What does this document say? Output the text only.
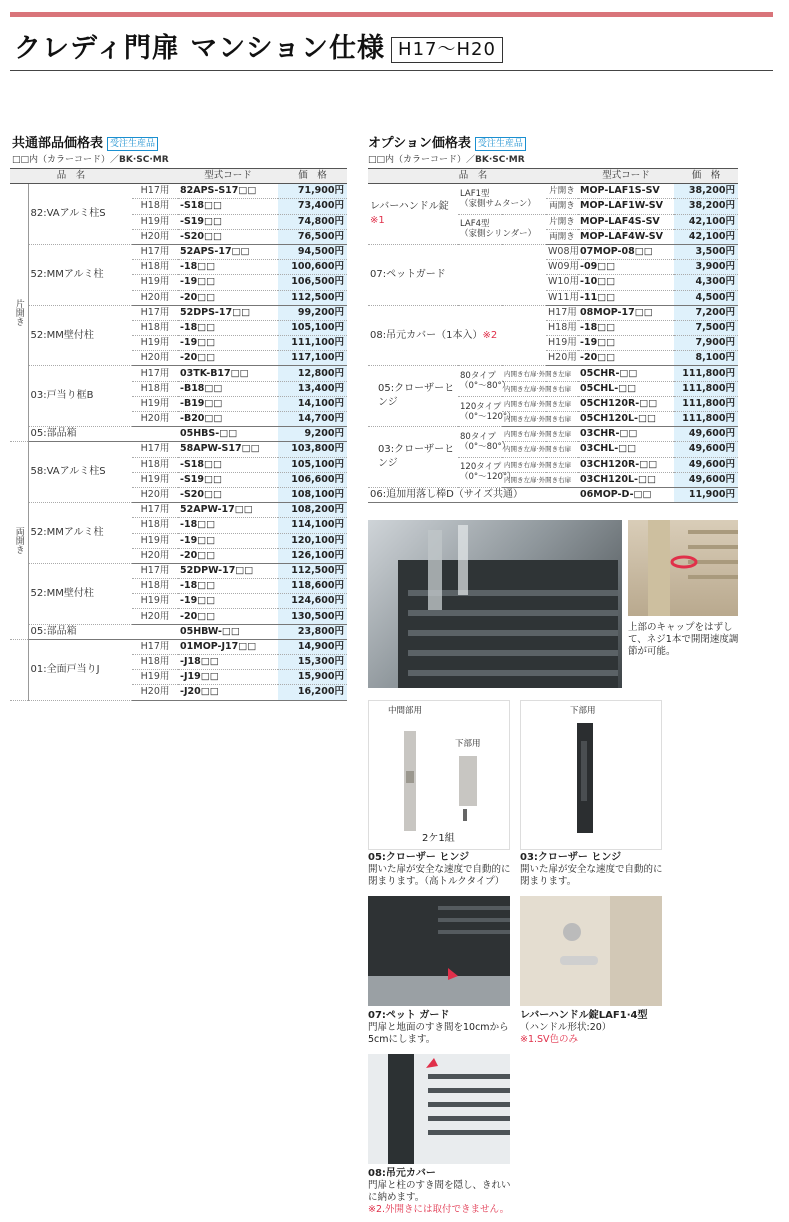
クレディ門扉 マンション仕様 H17〜H20
共通部品価格表 受注生産品
□□内（カラーコード）／BK·SC·MR
品　名			型式コード	価　格
片開き	82:VAアルミ柱S	H17用	82APS-S17□□	71,900円
		H18用	-S18□□	73,400円
		H19用	-S19□□	74,800円
		H20用	-S20□□	76,500円
	52:MMアルミ柱	H17用	52APS-17□□	94,500円
		H18用	-18□□	100,600円
		H19用	-19□□	106,500円
		H20用	-20□□	112,500円
	52:MM壁付柱	H17用	52DPS-17□□	99,200円
		H18用	-18□□	105,100円
		H19用	-19□□	111,100円
		H20用	-20□□	117,100円
	03:戸当り框B	H17用	03TK-B17□□	12,800円
		H18用	-B18□□	13,400円
		H19用	-B19□□	14,100円
		H20用	-B20□□	14,700円
	05:部品箱		05HBS-□□	9,200円
両開き	58:VAアルミ柱S	H17用	58APW-S17□□	103,800円
		H18用	-S18□□	105,100円
		H19用	-S19□□	106,600円
		H20用	-S20□□	108,100円
	52:MMアルミ柱	H17用	52APW-17□□	108,200円
		H18用	-18□□	114,100円
		H19用	-19□□	120,100円
		H20用	-20□□	126,100円
	52:MM壁付柱	H17用	52DPW-17□□	112,500円
		H18用	-18□□	118,600円
		H19用	-19□□	124,600円
		H20用	-20□□	130,500円
	05:部品箱		05HBW-□□	23,800円
	01:全面戸当りJ	H17用	01MOP-J17□□	14,900円
		H18用	-J18□□	15,300円
		H19用	-J19□□	15,900円
		H20用	-J20□□	16,200円
オプション価格表 受注生産品
□□内（カラーコード）／BK·SC·MR
品　名				型式コード	価　格
レバーハンドル錠
※1	LAF1型
（家側サムターン）		片開き	MOP-LAF1S-SV	38,200円
			両開き	MOP-LAF1W-SV	38,200円
	LAF4型
（家側シリンダー）		片開き	MOP-LAF4S-SV	42,100円
			両開き	MOP-LAF4W-SV	42,100円
07:ペットガード			W08用	07MOP-08□□	3,500円
			W09用	-09□□	3,900円
			W10用	-10□□	4,300円
			W11用	-11□□	4,500円
08:吊元カバー（1本入）※2			H17用	08MOP-17□□	7,200円
			H18用	-18□□	7,500円
			H19用	-19□□	7,900円
			H20用	-20□□	8,100円
05:クローザーヒンジ	80タイプ
（0°〜80°）	内開き右扉·外開き左扉		05CHR-□□	111,800円
		内開き左扉·外開き右扉		05CHL-□□	111,800円
	120タイプ
（0°〜120°）	内開き右扉·外開き左扉		05CH120R-□□	111,800円
		内開き左扉·外開き右扉		05CH120L-□□	111,800円
03:クローザーヒンジ	80タイプ
（0°〜80°）	内開き右扉·外開き左扉		03CHR-□□	49,600円
		内開き左扉·外開き右扉		03CHL-□□	49,600円
	120タイプ
（0°〜120°）	内開き右扉·外開き左扉		03CH120R-□□	49,600円
		内開き左扉·外開き右扉		03CH120L-□□	49,600円
06:追加用落し棒D（サイズ共通）				06MOP-D-□□	11,900円
上部のキャップをはずして、ネジ1本で開閉速度調節が可能。
中間部用
下部用
2ケ1組
05:クローザー ヒンジ
開いた扉が安全な速度で自動的に閉まります。（高トルクタイプ）
下部用
03:クローザー ヒンジ
開いた扉が安全な速度で自動的に閉まります。
07:ペット ガード
門扉と地面のすき間を10cmから5cmにします。
レバーハンドル錠LAF1·4型
（ハンドル形状:20）
※1.SV色のみ
08:吊元カバー
門扉と柱のすき間を隠し、きれいに納めます。
※2.外開きには取付できません。
